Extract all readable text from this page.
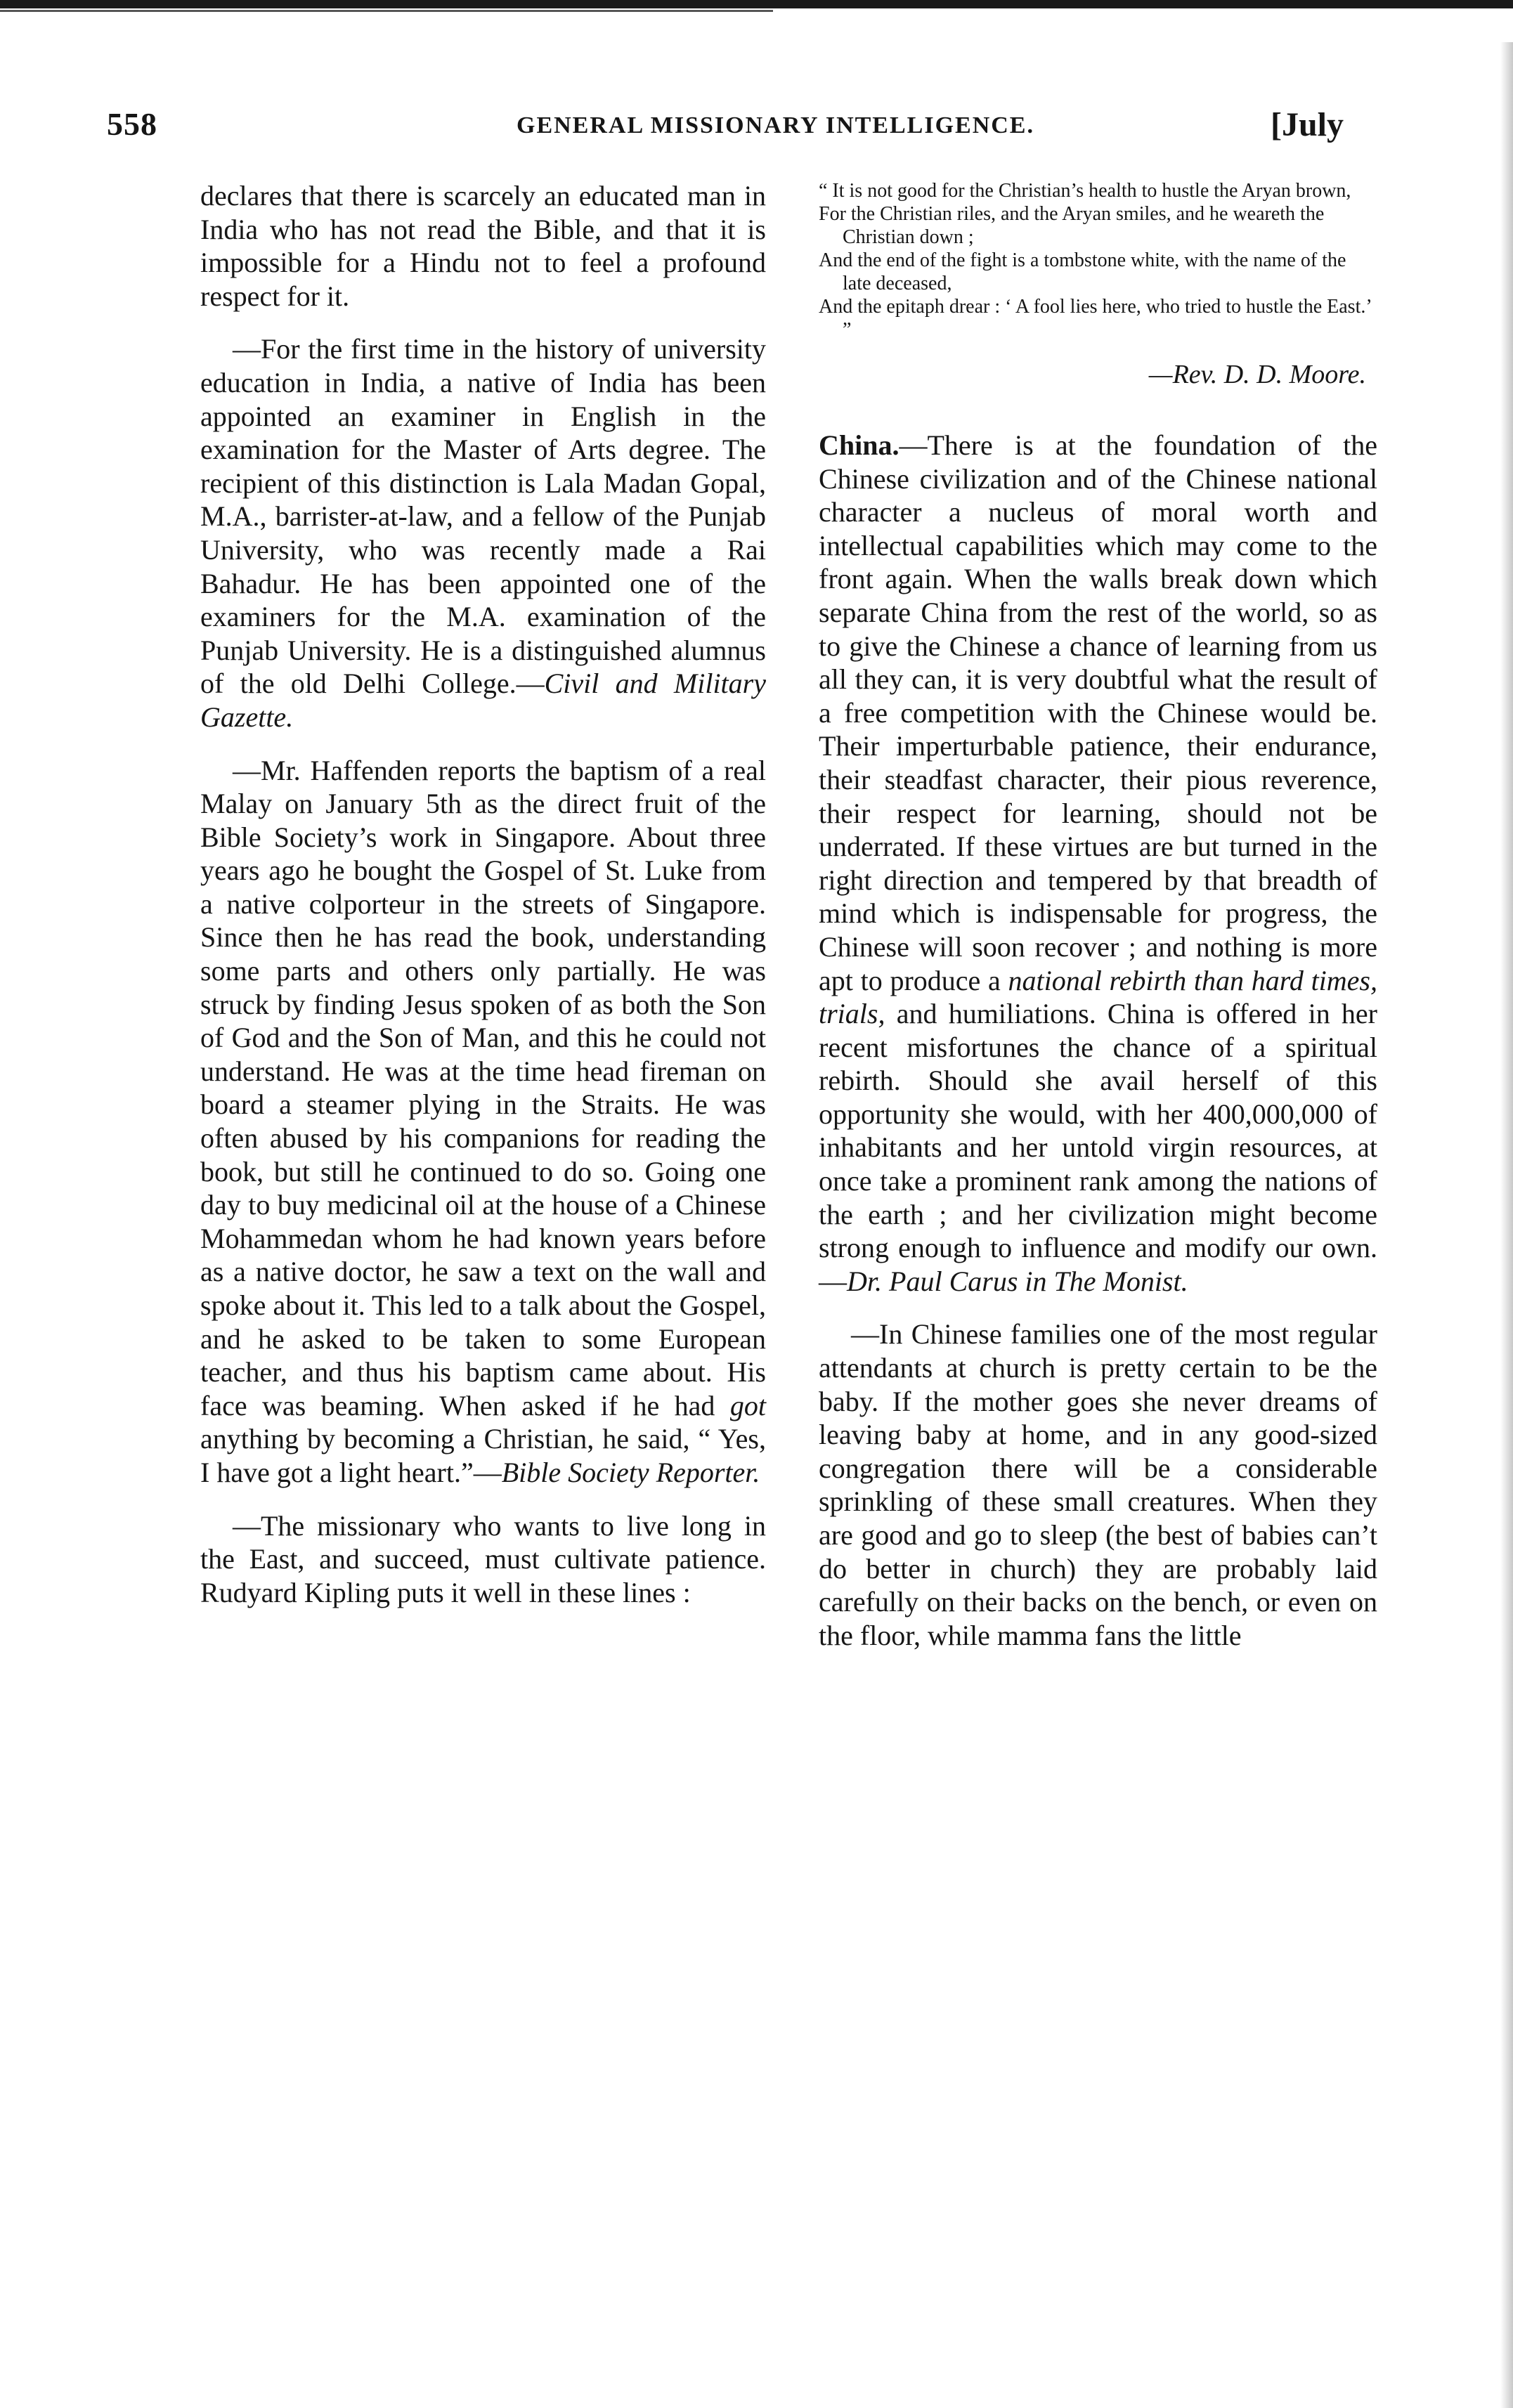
558	GENERAL MISSIONARY INTELLIGENCE.	[July

declares that there is scarcely an educated man in India who has not read the Bible, and that it is impossible for a Hindu not to feel a profound respect for it.

—For the first time in the history of university education in India, a native of India has been appointed an examiner in English in the examination for the Master of Arts degree. The recipient of this distinction is Lala Madan Gopal, M.A., barrister-at-law, and a fellow of the Punjab University, who was recently made a Rai Bahadur. He has been appointed one of the examiners for the M.A. examination of the Punjab University. He is a distinguished alumnus of the old Delhi College.—Civil and Military Gazette.

—Mr. Haffenden reports the baptism of a real Malay on January 5th as the direct fruit of the Bible Society’s work in Singapore. About three years ago he bought the Gospel of St. Luke from a native colporteur in the streets of Singapore. Since then he has read the book, understanding some parts and others only partially. He was struck by finding Jesus spoken of as both the Son of God and the Son of Man, and this he could not understand. He was at the time head fireman on board a steamer plying in the Straits. He was often abused by his companions for reading the book, but still he continued to do so. Going one day to buy medicinal oil at the house of a Chinese Mohammedan whom he had known years before as a native doctor, he saw a text on the wall and spoke about it. This led to a talk about the Gospel, and he asked to be taken to some European teacher, and thus his baptism came about. His face was beaming. When asked if he had got anything by becoming a Christian, he said, “ Yes, I have got a light heart.”—Bible Society Reporter.

—The missionary who wants to live long in the East, and succeed, must cultivate patience. Rudyard Kipling puts it well in these lines :

“ It is not good for the Christian’s health to hustle the Aryan brown,

For the Christian riles, and the Aryan smiles, and he weareth the Christian down ;

And the end of the fight is a tombstone white, with the name of the late deceased,

And the epitaph drear : ‘ A fool lies here, who tried to hustle the East.’ ”

—Rev. D. D. Moore.

China.—There is at the foundation of the Chinese civilization and of the Chinese national character a nucleus of moral worth and intellectual capabilities which may come to the front again. When the walls break down which separate China from the rest of the world, so as to give the Chinese a chance of learning from us all they can, it is very doubtful what the result of a free competition with the Chinese would be. Their imperturbable patience, their endurance, their steadfast character, their pious reverence, their respect for learning, should not be underrated. If these virtues are but turned in the right direction and tempered by that breadth of mind which is indispensable for progress, the Chinese will soon recover ; and nothing is more apt to produce a national rebirth than hard times, trials, and humiliations. China is offered in her recent misfortunes the chance of a spiritual rebirth. Should she avail herself of this opportunity she would, with her 400,000,000 of inhabitants and her untold virgin resources, at once take a prominent rank among the nations of the earth ; and her civilization might become strong enough to influence and modify our own.—Dr. Paul Carus in The Monist.

—In Chinese families one of the most regular attendants at church is pretty certain to be the baby. If the mother goes she never dreams of leaving baby at home, and in any good-sized congregation there will be a considerable sprinkling of these small creatures. When they are good and go to sleep (the best of babies can’t do better in church) they are probably laid carefully on their backs on the bench, or even on the floor, while mamma fans the little
